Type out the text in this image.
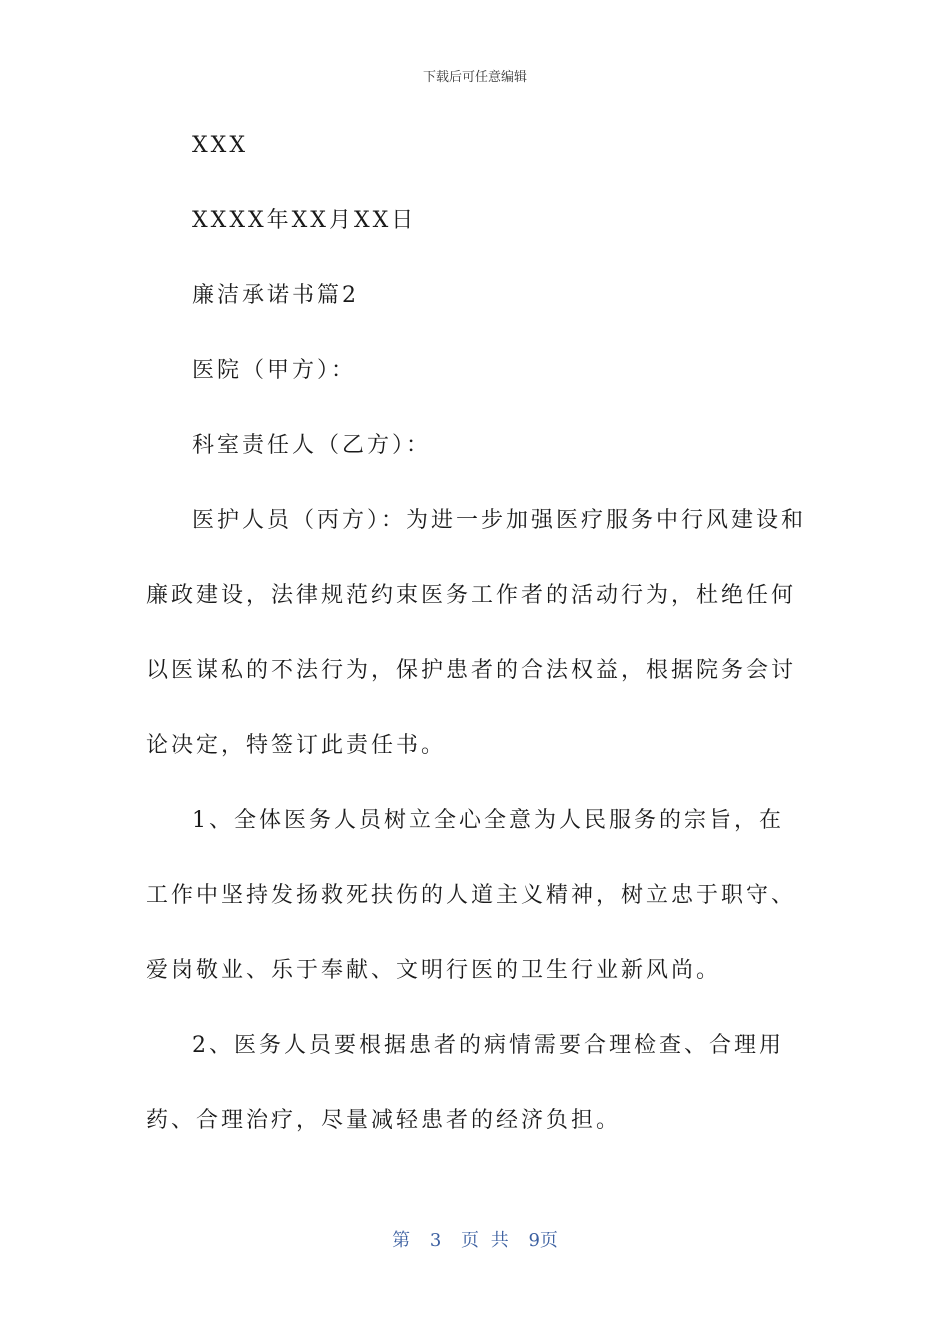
下载后可任意编辑

XXX

XXXX年XX月XX日

廉洁承诺书篇2

医院（甲方）：

科室责任人（乙方）：

医护人员（丙方）：为进一步加强医疗服务中行风建设和廉政建设，法律规范约束医务工作者的活动行为，杜绝任何以医谋私的不法行为，保护患者的合法权益，根据院务会讨论决定，特签订此责任书。

1、全体医务人员树立全心全意为人民服务的宗旨，在工作中坚持发扬救死扶伤的人道主义精神，树立忠于职守、爱岗敬业、乐于奉献、文明行医的卫生行业新风尚。

2、医务人员要根据患者的病情需要合理检查、合理用药、合理治疗，尽量减轻患者的经济负担。

第 3 页 共 9页
